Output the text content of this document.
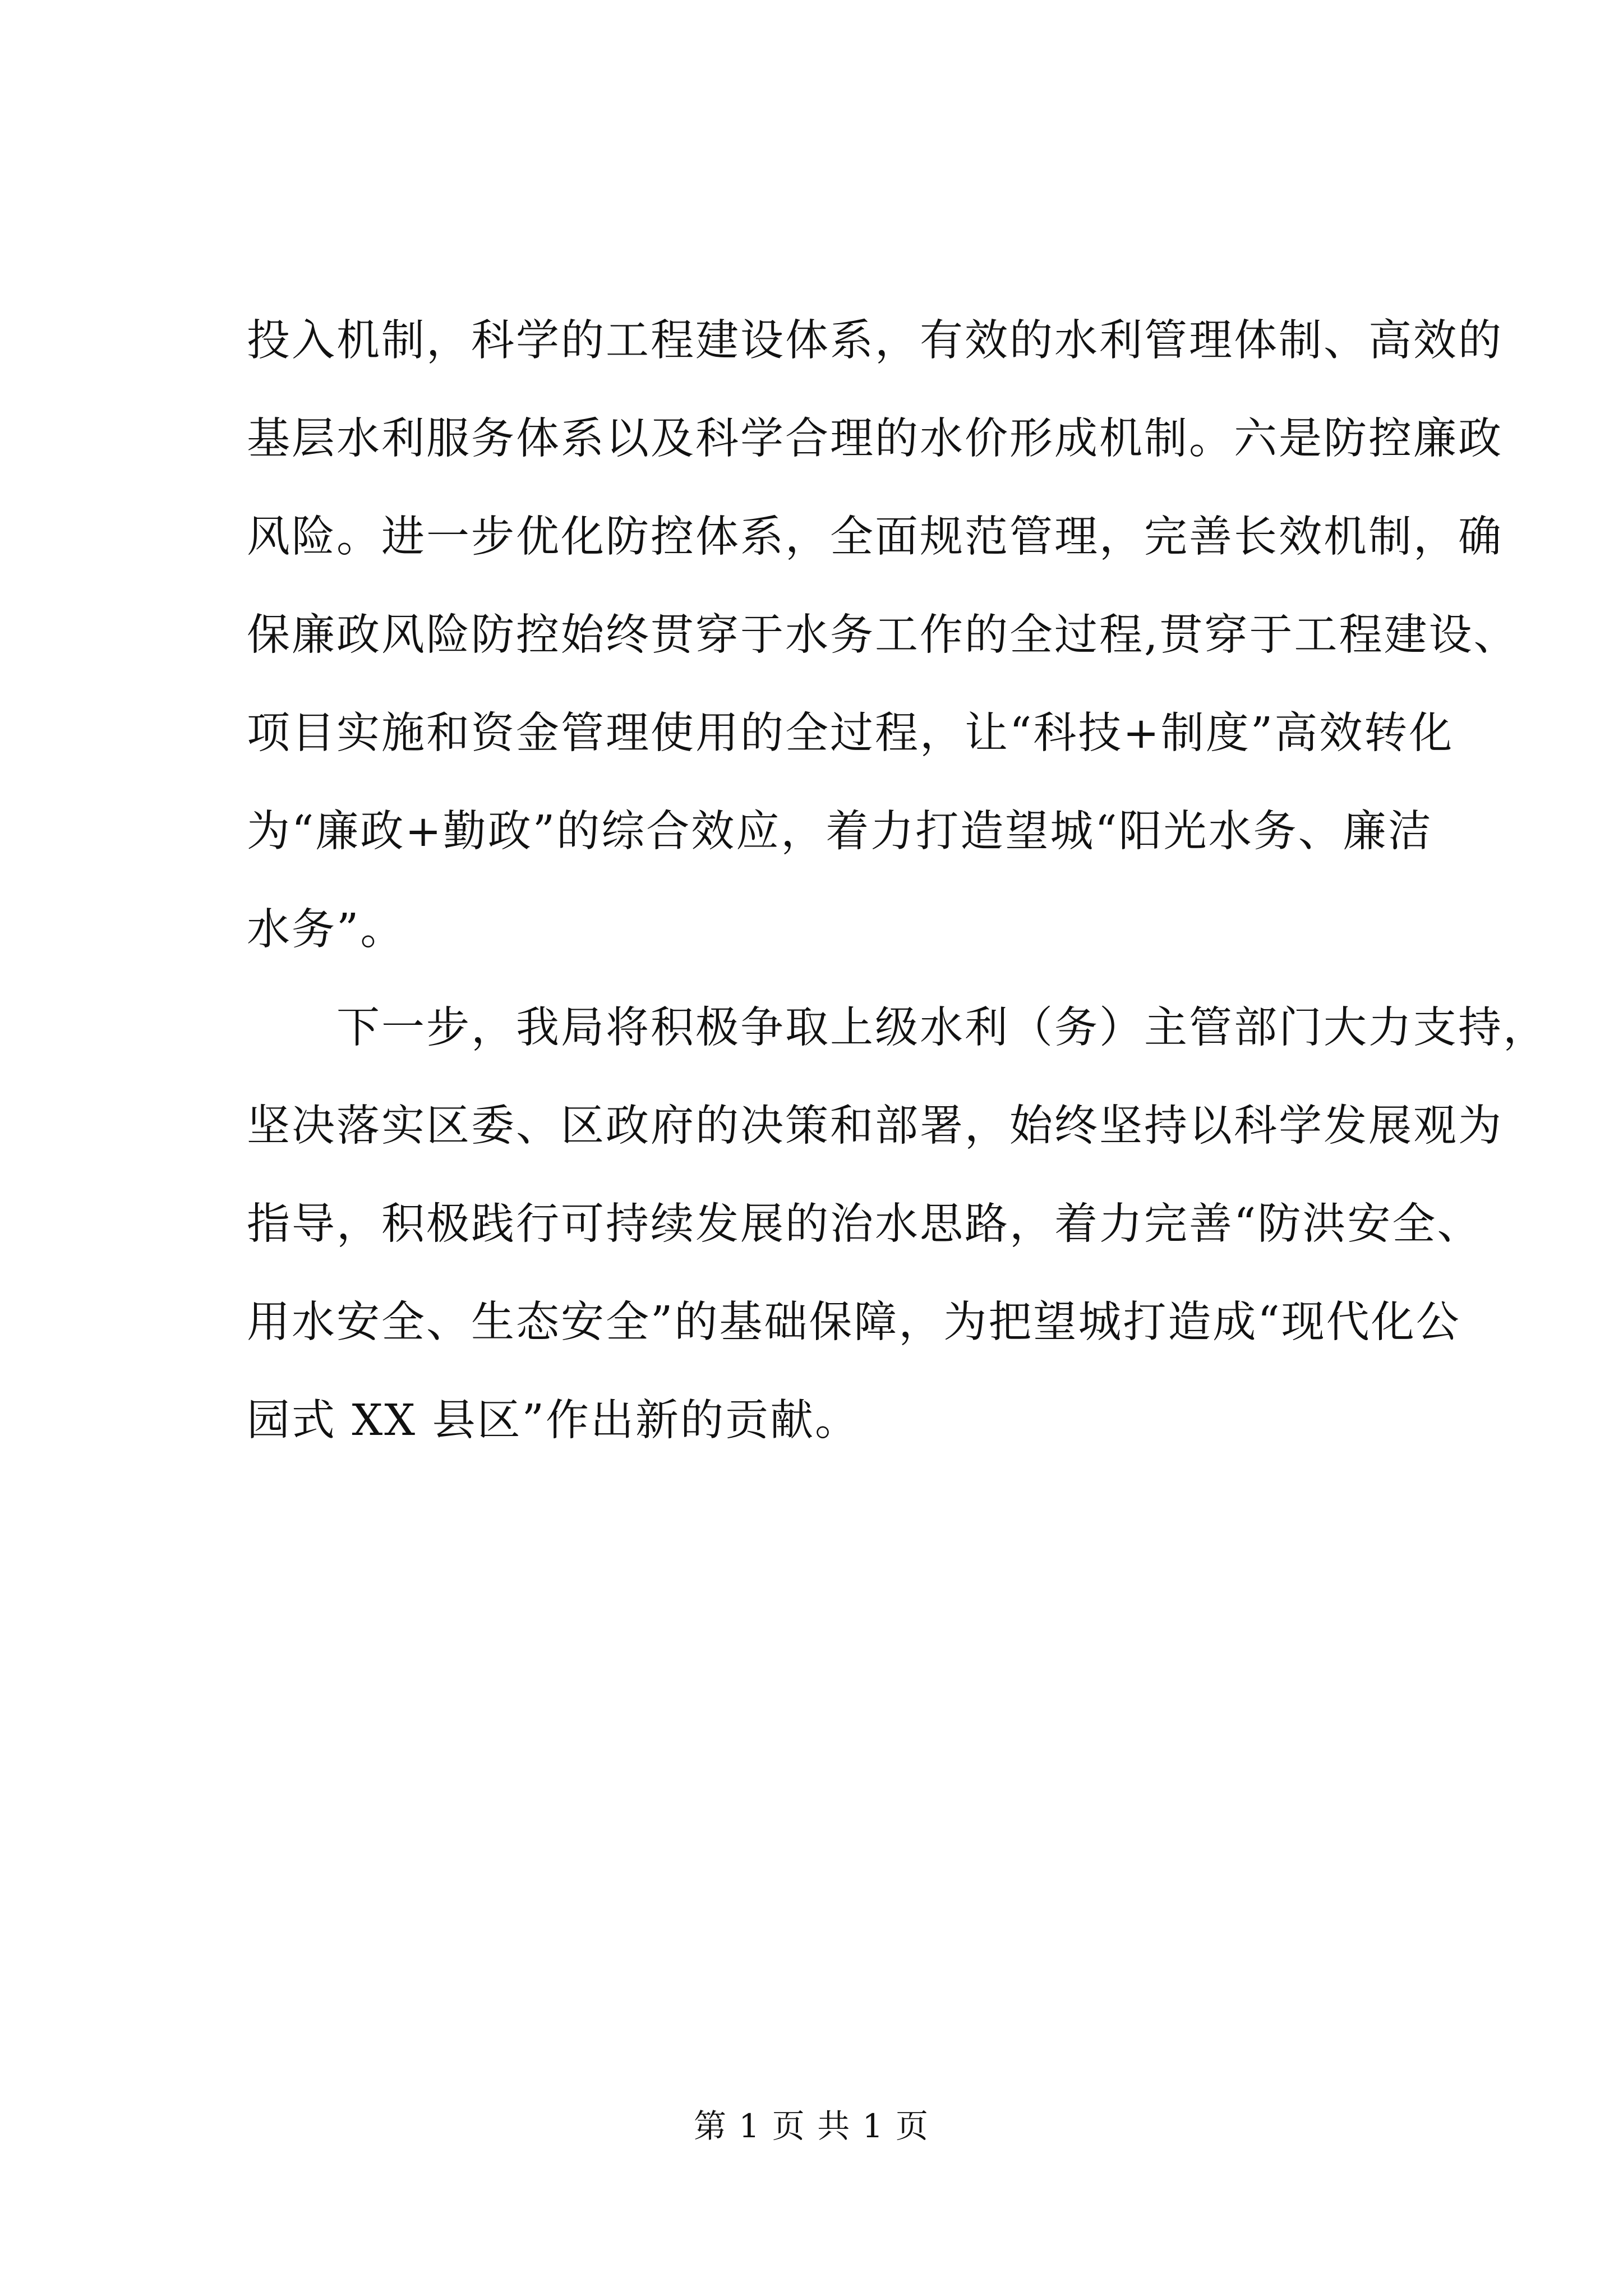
投入机制，科学的工程建设体系，有效的水利管理体制、高效的
基层水利服务体系以及科学合理的水价形成机制。六是防控廉政
风险。进一步优化防控体系，全面规范管理，完善长效机制，确
保廉政风险防控始终贯穿于水务工作的全过程,贯穿于工程建设、
项目实施和资金管理使用的全过程，让“科技+制度”高效转化
为“廉政+勤政”的综合效应，着力打造望城“阳光水务、廉洁
水务”。

下一步，我局将积极争取上级水利（务）主管部门大力支持，
坚决落实区委、区政府的决策和部署，始终坚持以科学发展观为
指导，积极践行可持续发展的治水思路，着力完善“防洪安全、
用水安全、生态安全”的基础保障，为把望城打造成“现代化公
园式 XX 县区”作出新的贡献。

第 1 页 共 1 页
